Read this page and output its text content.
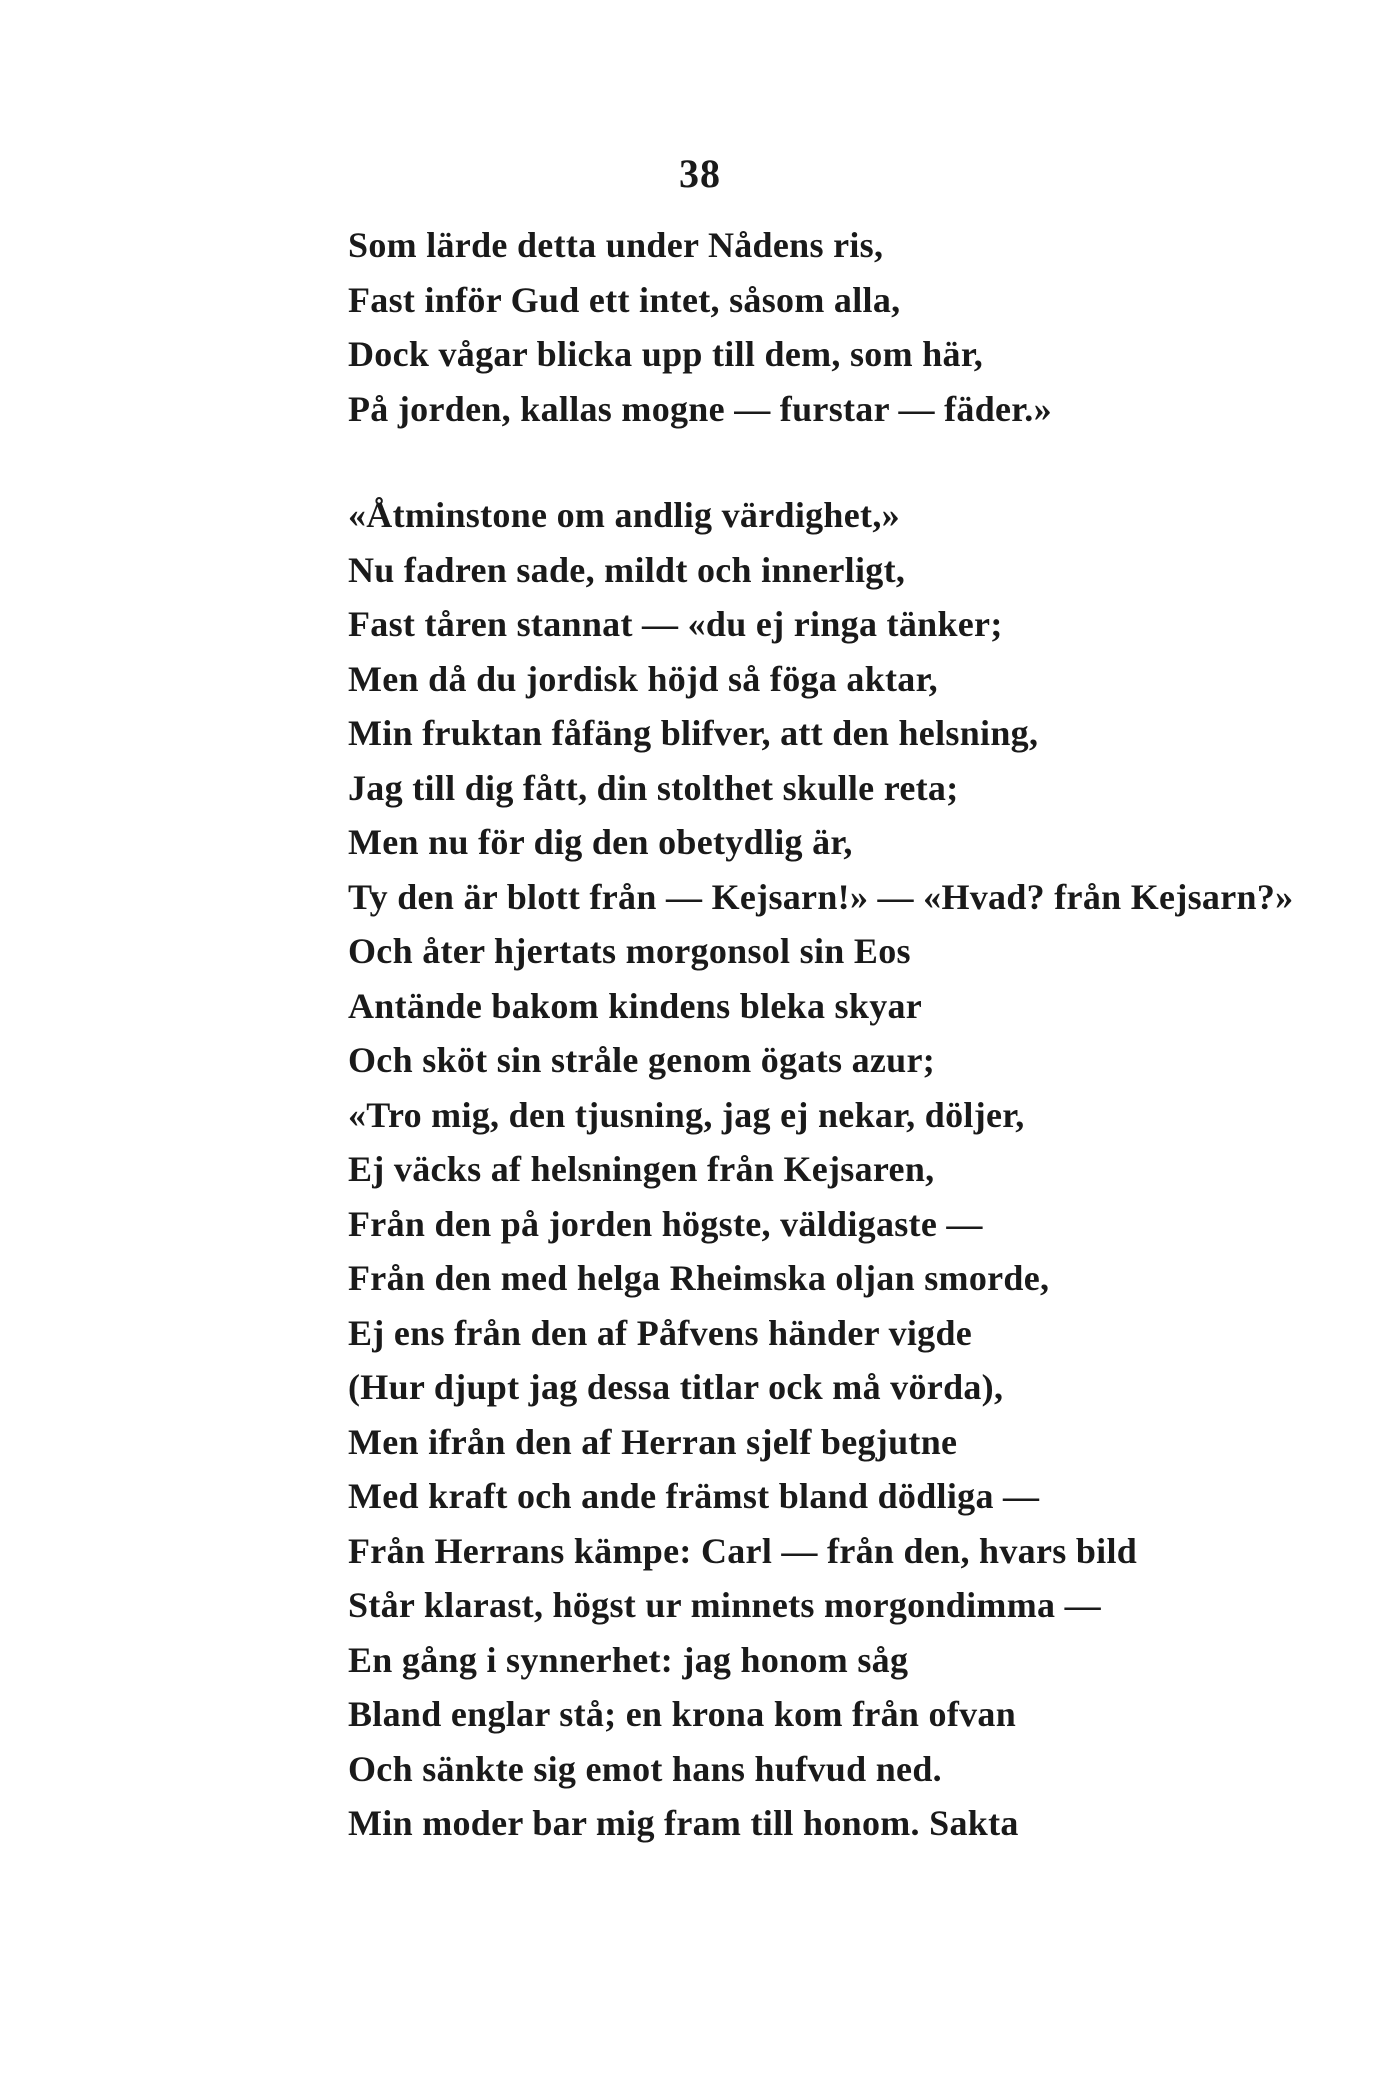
38
Som lärde detta under Nådens ris,
Fast inför Gud ett intet, såsom alla,
Dock vågar blicka upp till dem, som här,
På jorden, kallas mogne — furstar — fäder.»
«Åtminstone om andlig värdighet,»
Nu fadren sade, mildt och innerligt,
Fast tåren stannat — «du ej ringa tänker;
Men då du jordisk höjd så föga aktar,
Min fruktan fåfäng blifver, att den helsning,
Jag till dig fått, din stolthet skulle reta;
Men nu för dig den obetydlig är,
Ty den är blott från — Kejsarn!» — «Hvad? från Kejsarn?»
Och åter hjertats morgonsol sin Eos
Antände bakom kindens bleka skyar
Och sköt sin stråle genom ögats azur;
«Tro mig, den tjusning, jag ej nekar, döljer,
Ej väcks af helsningen från Kejsaren,
Från den på jorden högste, väldigaste —
Från den med helga Rheimska oljan smorde,
Ej ens från den af Påfvens händer vigde
(Hur djupt jag dessa titlar ock må vörda),
Men ifrån den af Herran sjelf begjutne
Med kraft och ande främst bland dödliga —
Från Herrans kämpe: Carl — från den, hvars bild
Står klarast, högst ur minnets morgondimma —
En gång i synnerhet: jag honom såg
Bland englar stå; en krona kom från ofvan
Och sänkte sig emot hans hufvud ned.
Min moder bar mig fram till honom. Sakta
